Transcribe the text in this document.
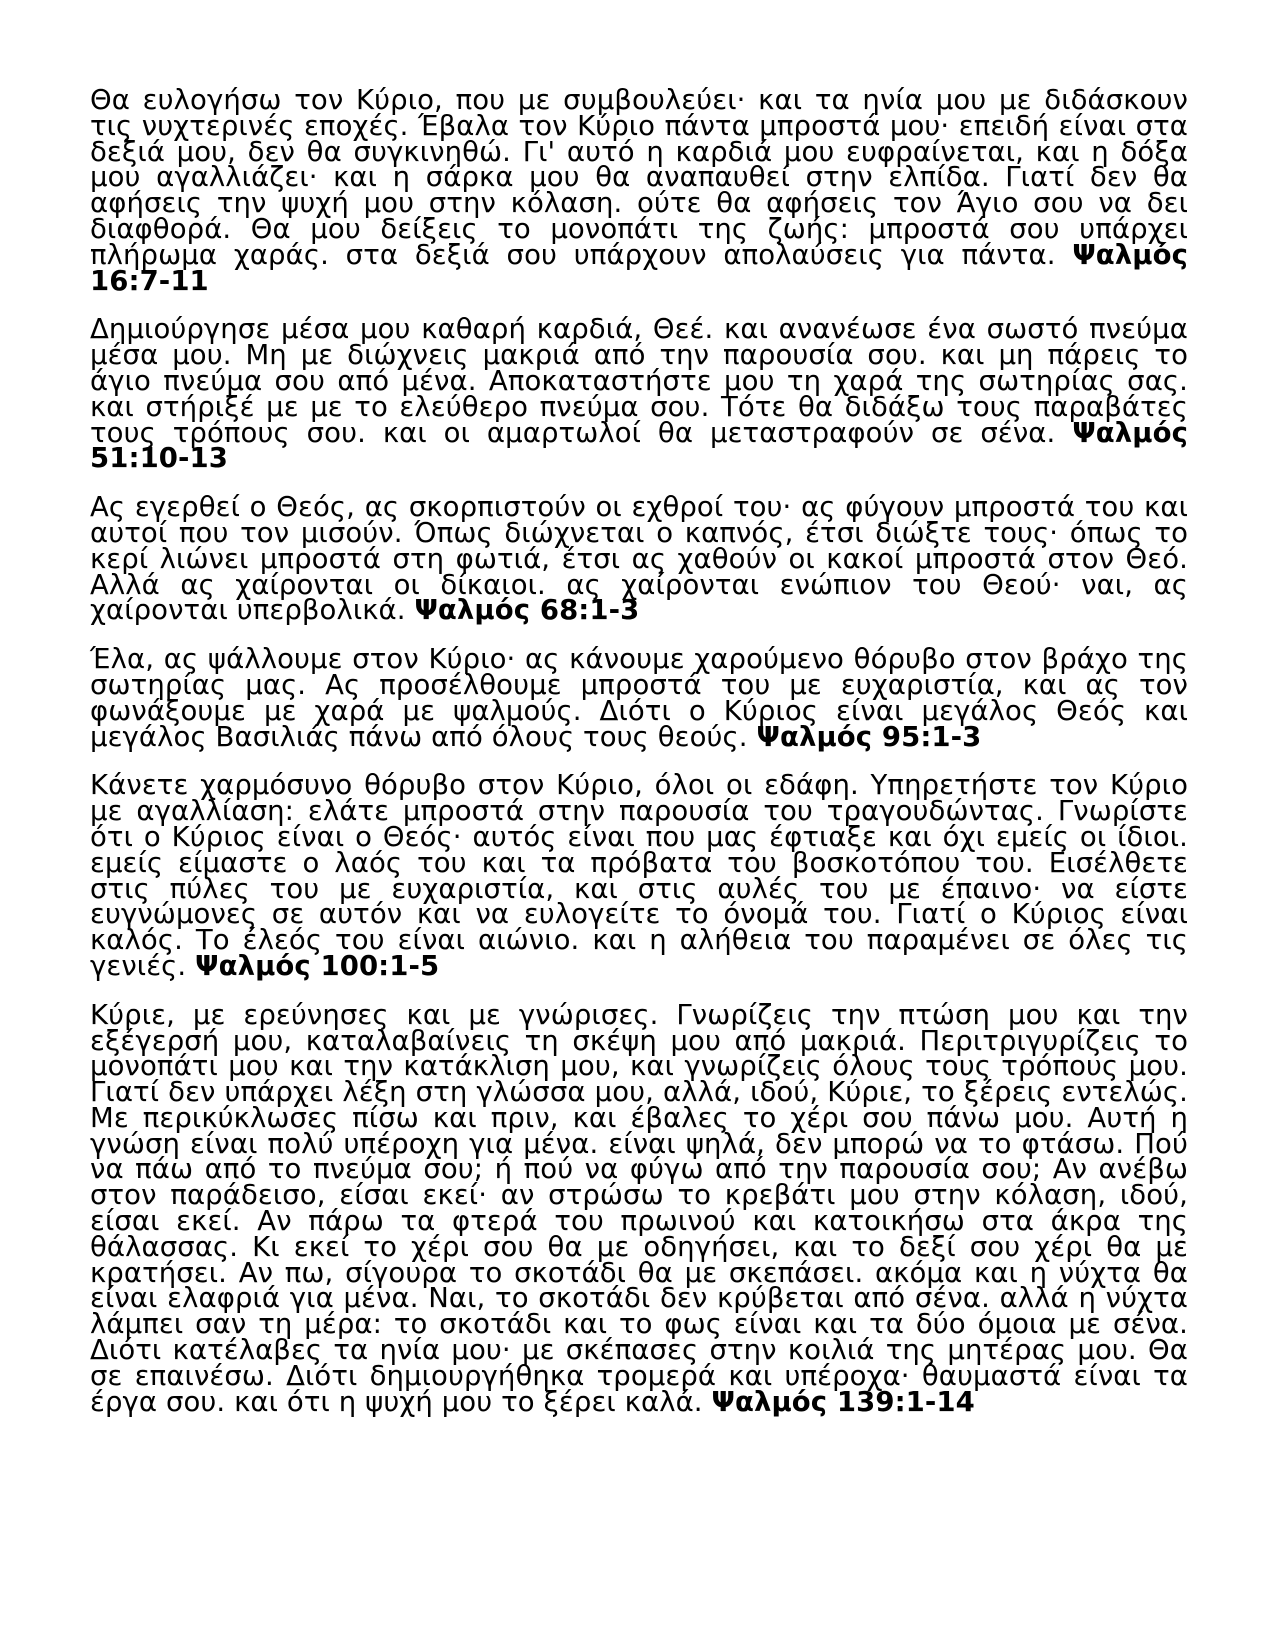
Θα ευλογήσω τον Κύριο, που με συμβουλεύει· και τα ηνία μου με διδάσκουν τις νυχτερινές εποχές. Έβαλα τον Κύριο πάντα μπροστά μου· επειδή είναι στα δεξιά μου, δεν θα συγκινηθώ. Γι' αυτό η καρδιά μου ευφραίνεται, και η δόξα μου αγαλλιάζει· και η σάρκα μου θα αναπαυθεί στην ελπίδα. Γιατί δεν θα αφήσεις την ψυχή μου στην κόλαση. ούτε θα αφήσεις τον Άγιο σου να δει διαφθορά. Θα μου δείξεις το μονοπάτι της ζωής: μπροστά σου υπάρχει πλήρωμα χαράς. στα δεξιά σου υπάρχουν απολαύσεις για πάντα. Ψαλμός 16:7-11

Δημιούργησε μέσα μου καθαρή καρδιά, Θεέ. και ανανέωσε ένα σωστό πνεύμα μέσα μου. Μη με διώχνεις μακριά από την παρουσία σου. και μη πάρεις το άγιο πνεύμα σου από μένα. Αποκαταστήστε μου τη χαρά της σωτηρίας σας. και στήριξέ με με το ελεύθερο πνεύμα σου. Τότε θα διδάξω τους παραβάτες τους τρόπους σου. και οι αμαρτωλοί θα μεταστραφούν σε σένα. Ψαλμός 51:10-13

Ας εγερθεί ο Θεός, ας σκορπιστούν οι εχθροί του· ας φύγουν μπροστά του και αυτοί που τον μισούν. Όπως διώχνεται ο καπνός, έτσι διώξτε τους· όπως το κερί λιώνει μπροστά στη φωτιά, έτσι ας χαθούν οι κακοί μπροστά στον Θεό. Αλλά ας χαίρονται οι δίκαιοι. ας χαίρονται ενώπιον του Θεού· ναι, ας χαίρονται υπερβολικά. Ψαλμός 68:1-3

Έλα, ας ψάλλουμε στον Κύριο· ας κάνουμε χαρούμενο θόρυβο στον βράχο της σωτηρίας μας. Ας προσέλθουμε μπροστά του με ευχαριστία, και ας τον φωνάξουμε με χαρά με ψαλμούς. Διότι ο Κύριος είναι μεγάλος Θεός και μεγάλος Βασιλιάς πάνω από όλους τους θεούς. Ψαλμός 95:1-3

Κάνετε χαρμόσυνο θόρυβο στον Κύριο, όλοι οι εδάφη. Υπηρετήστε τον Κύριο με αγαλλίαση: ελάτε μπροστά στην παρουσία του τραγουδώντας. Γνωρίστε ότι ο Κύριος είναι ο Θεός· αυτός είναι που μας έφτιαξε και όχι εμείς οι ίδιοι. εμείς είμαστε ο λαός του και τα πρόβατα του βοσκοτόπου του. Εισέλθετε στις πύλες του με ευχαριστία, και στις αυλές του με έπαινο· να είστε ευγνώμονες σε αυτόν και να ευλογείτε το όνομά του. Γιατί ο Κύριος είναι καλός. Το έλεός του είναι αιώνιο. και η αλήθεια του παραμένει σε όλες τις γενιές. Ψαλμός 100:1-5

Κύριε, με ερεύνησες και με γνώρισες. Γνωρίζεις την πτώση μου και την εξέγερσή μου, καταλαβαίνεις τη σκέψη μου από μακριά. Περιτριγυρίζεις το μονοπάτι μου και την κατάκλιση μου, και γνωρίζεις όλους τους τρόπους μου. Γιατί δεν υπάρχει λέξη στη γλώσσα μου, αλλά, ιδού, Κύριε, το ξέρεις εντελώς. Με περικύκλωσες πίσω και πριν, και έβαλες το χέρι σου πάνω μου. Αυτή η γνώση είναι πολύ υπέροχη για μένα. είναι ψηλά, δεν μπορώ να το φτάσω. Πού να πάω από το πνεύμα σου; ή πού να φύγω από την παρουσία σου; Αν ανέβω στον παράδεισο, είσαι εκεί· αν στρώσω το κρεβάτι μου στην κόλαση, ιδού, είσαι εκεί. Αν πάρω τα φτερά του πρωινού και κατοικήσω στα άκρα της θάλασσας. Κι εκεί το χέρι σου θα με οδηγήσει, και το δεξί σου χέρι θα με κρατήσει. Αν πω, σίγουρα το σκοτάδι θα με σκεπάσει. ακόμα και η νύχτα θα είναι ελαφριά για μένα. Ναι, το σκοτάδι δεν κρύβεται από σένα. αλλά η νύχτα λάμπει σαν τη μέρα: το σκοτάδι και το φως είναι και τα δύο όμοια με σένα. Διότι κατέλαβες τα ηνία μου· με σκέπασες στην κοιλιά της μητέρας μου. Θα σε επαινέσω. Διότι δημιουργήθηκα τρομερά και υπέροχα· θαυμαστά είναι τα έργα σου. και ότι η ψυχή μου το ξέρει καλά. Ψαλμός 139:1-14
